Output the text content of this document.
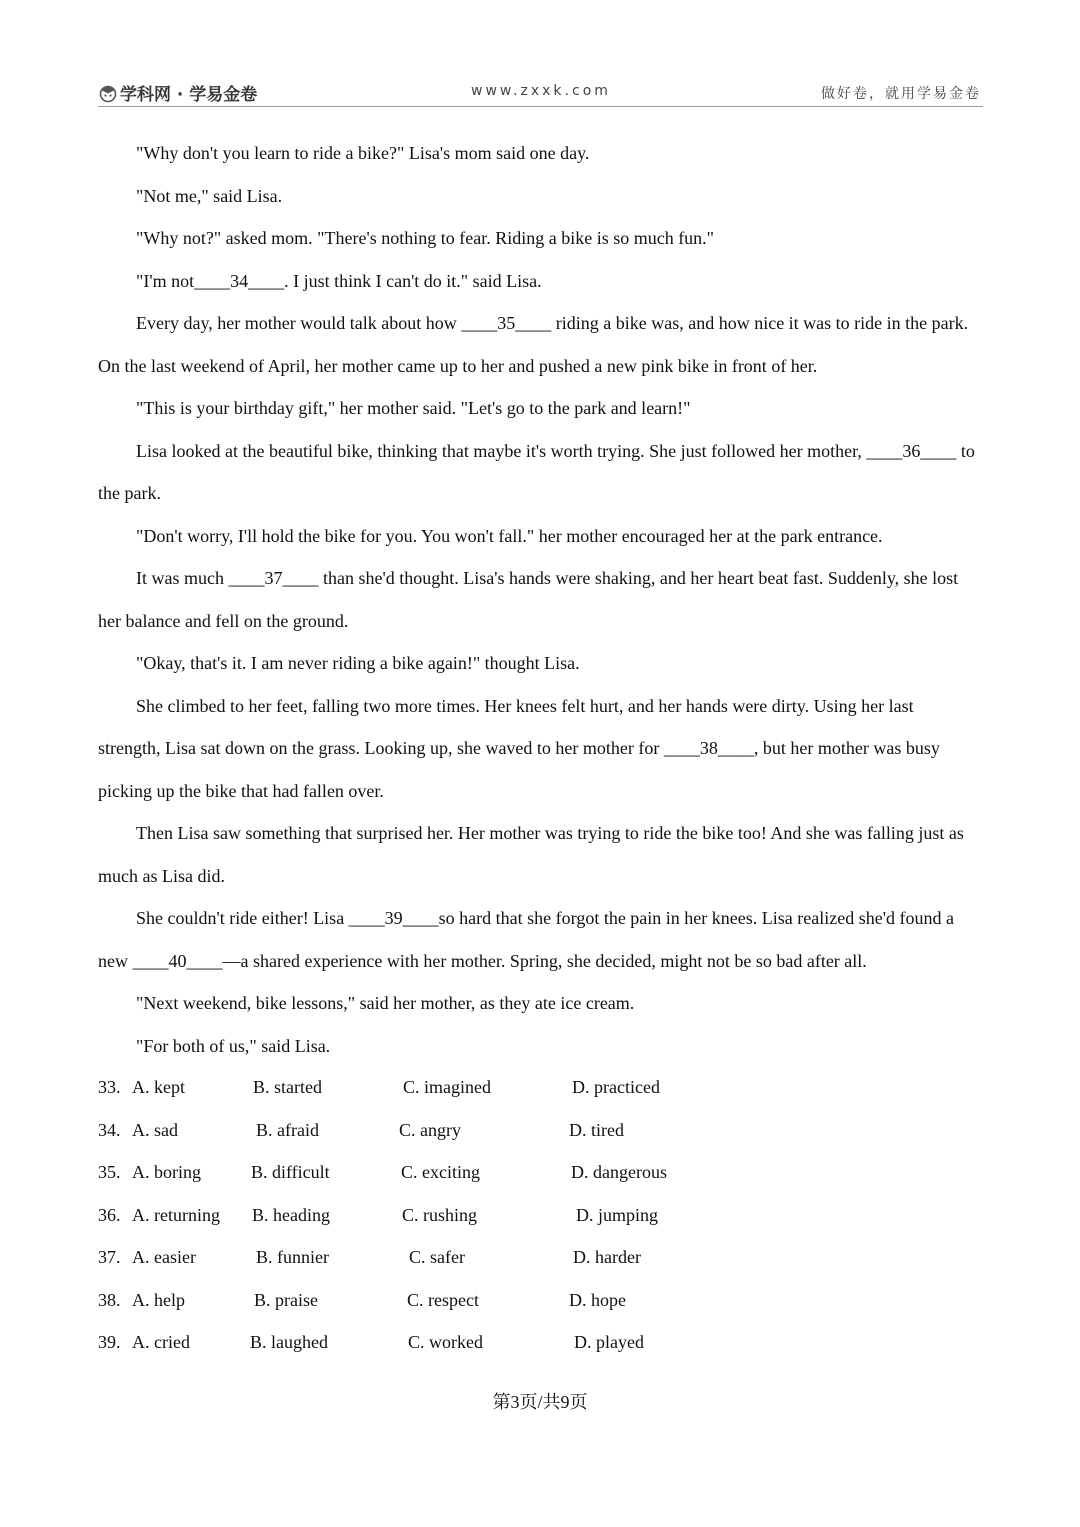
学科网 · 学易金卷	www.zxxk.com	做好卷，就用学易金卷

"Why don't you learn to ride a bike?" Lisa's mom said one day.

"Not me," said Lisa.

"Why not?" asked mom. "There's nothing to fear. Riding a bike is so much fun."

"I'm not____34____. I just think I can't do it." said Lisa.

Every day, her mother would talk about how ____35____ riding a bike was, and how nice it was to ride in the park. On the last weekend of April, her mother came up to her and pushed a new pink bike in front of her.

"This is your birthday gift," her mother said. "Let's go to the park and learn!"

Lisa looked at the beautiful bike, thinking that maybe it's worth trying. She just followed her mother, ____36____ to the park.

"Don't worry, I'll hold the bike for you. You won't fall." her mother encouraged her at the park entrance.

It was much ____37____ than she'd thought. Lisa's hands were shaking, and her heart beat fast. Suddenly, she lost her balance and fell on the ground.

"Okay, that's it. I am never riding a bike again!" thought Lisa.

She climbed to her feet, falling two more times. Her knees felt hurt, and her hands were dirty. Using her last strength, Lisa sat down on the grass. Looking up, she waved to her mother for ____38____, but her mother was busy picking up the bike that had fallen over.

Then Lisa saw something that surprised her. Her mother was trying to ride the bike too! And she was falling just as much as Lisa did.

She couldn't ride either! Lisa ____39____so hard that she forgot the pain in her knees. Lisa realized she'd found a new ____40____—a shared experience with her mother. Spring, she decided, might not be so bad after all.

"Next weekend, bike lessons," said her mother, as they ate ice cream.

"For both of us," said Lisa.

33. A. kept	B. started	C. imagined	D. practiced
34. A. sad	B. afraid	C. angry	D. tired
35. A. boring	B. difficult	C. exciting	D. dangerous
36. A. returning B. heading	C. rushing	D. jumping
37. A. easier	B. funnier	C. safer	D. harder
38. A. help	B. praise	C. respect	D. hope
39. A. cried	B. laughed	C. worked	D. played
第3页/共9页
